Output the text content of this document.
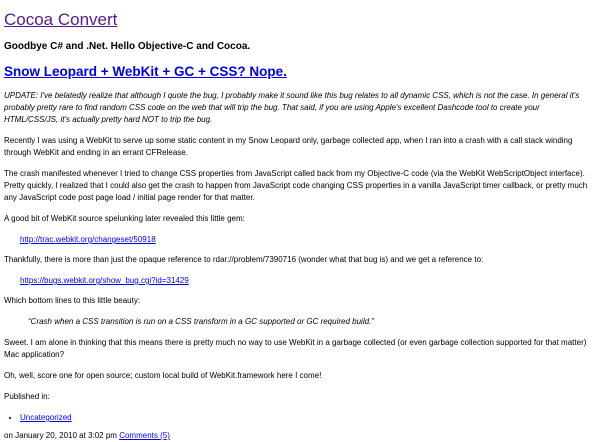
Cocoa Convert
Goodbye C# and .Net. Hello Objective-C and Cocoa.
Snow Leopard + WebKit + GC + CSS? Nope.

UPDATE: I've belatedly realize that although I quote the bug, I probably make it sound like this bug relates to all dynamic CSS, which is not the case. In general it's probably pretty rare to find random CSS code on the web that will trip the bug. That said, if you are using Apple's excellent Dashcode tool to create your HTML/CSS/JS, it's actually pretty hard NOT to trip the bug.

Recently I was using a WebKit to serve up some static content in my Snow Leopard only, garbage collected app, when I ran into a crash with a call stack winding through WebKit and ending in an errant CFRelease.

The crash manifested whenever I tried to change CSS properties from JavaScript called back from my Objective-C code (via the WebKit WebScriptObject interface). Pretty quickly, I realized that I could also get the crash to happen from JavaScript code changing CSS properties in a vanilla JavaScript timer callback, or pretty much any JavaScript code post page load / initial page render for that matter.

A good bit of WebKit source spelunking later revealed this little gem:

http://trac.webkit.org/changeset/50918

Thankfully, there is more than just the opaque reference to rdar://problem/7390716 (wonder what that bug is) and we get a reference to:

https://bugs.webkit.org/show_bug.cgi?id=31429

Which bottom lines to this little beauty:

“Crash when a CSS transition is run on a CSS transform in a GC supported or GC required build.”

Sweet. I am alone in thinking that this means there is pretty much no way to use WebKit in a garbage collected (or even garbage collection supported for that matter) Mac application?

Oh, well, score one for open source; custom local build of WebKit.framework here I come!

Published in:

• Uncategorized

on January 20, 2010 at 3:02 pm Comments (5)
